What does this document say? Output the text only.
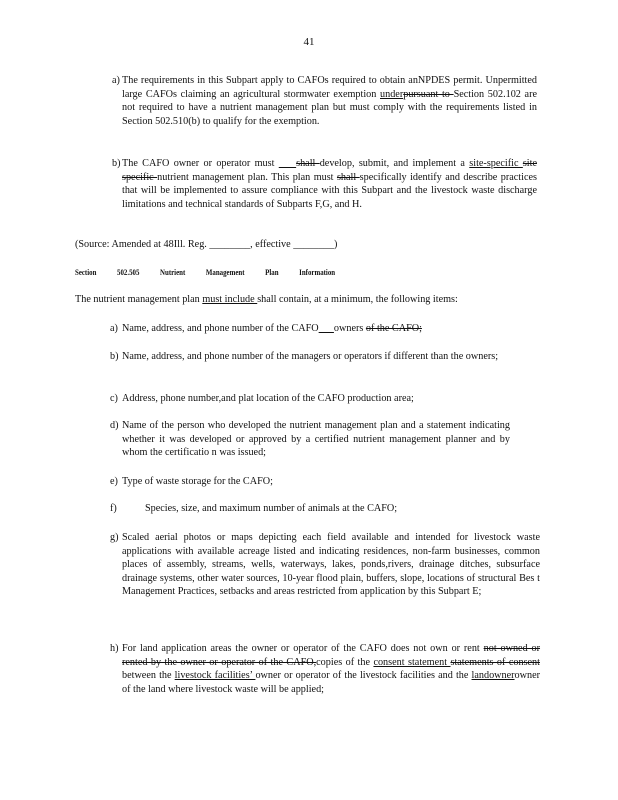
41
a) The requirements in this Subpart apply to CAFOs required to obtain anNPDES permit. Unpermitted large CAFOs claiming an agricultural stormwater exemption underpursuant to Section 502.102 are not required to have a nutrient management plan but must comply with the requirements listed in Section 502.510(b) to qualify for the exemption.
b) The CAFO owner or operator must     shall develop, submit, and implement a site-specific site specific nutrient management plan. This plan must shall specifically identify and describe practices that will be implemented to assure compliance with this Subpart and the livestock waste discharge limitations and technical standards of Subparts F,G, and H.
(Source: Amended at 48Ill. Reg. ________, effective ________)
Section	502.505	Nutrient	Management	Plan	Information
The nutrient management plan must include shall contain, at a minimum, the following items:
a) Name, address, and phone number of the CAFO owners of the CAFO;
b) Name, address, and phone number of the managers or operators if different than the owners;
c) Address, phone number,and plat location of the CAFO production area;
d) Name of the person who developed the nutrient management plan and a statement indicating whether it was developed or approved by a certified nutrient management planner and by whom the certificatio n was issued;
e) Type of waste storage for the CAFO;
f)	Species, size, and maximum number of animals at the CAFO;
g) Scaled aerial photos or maps depicting each field available and intended for livestock waste applications with available acreage listed and indicating residences, non-farm businesses, common places of assembly, streams, wells, waterways, lakes, ponds,rivers, drainage ditches, subsurface drainage systems, other water sources, 10-year flood plain, buffers, slope, locations of structural Bes t Management Practices, setbacks and areas restricted from application by this Subpart E;
h) For land application areas the owner or operator of the CAFO does not own or rent not owned or rented by the owner or operator of the CAFO,copies of the consent statement statements of consent between the livestock facilities’ owner or operator of the livestock facilities and the landownerowner of the land where livestock waste will be applied;
